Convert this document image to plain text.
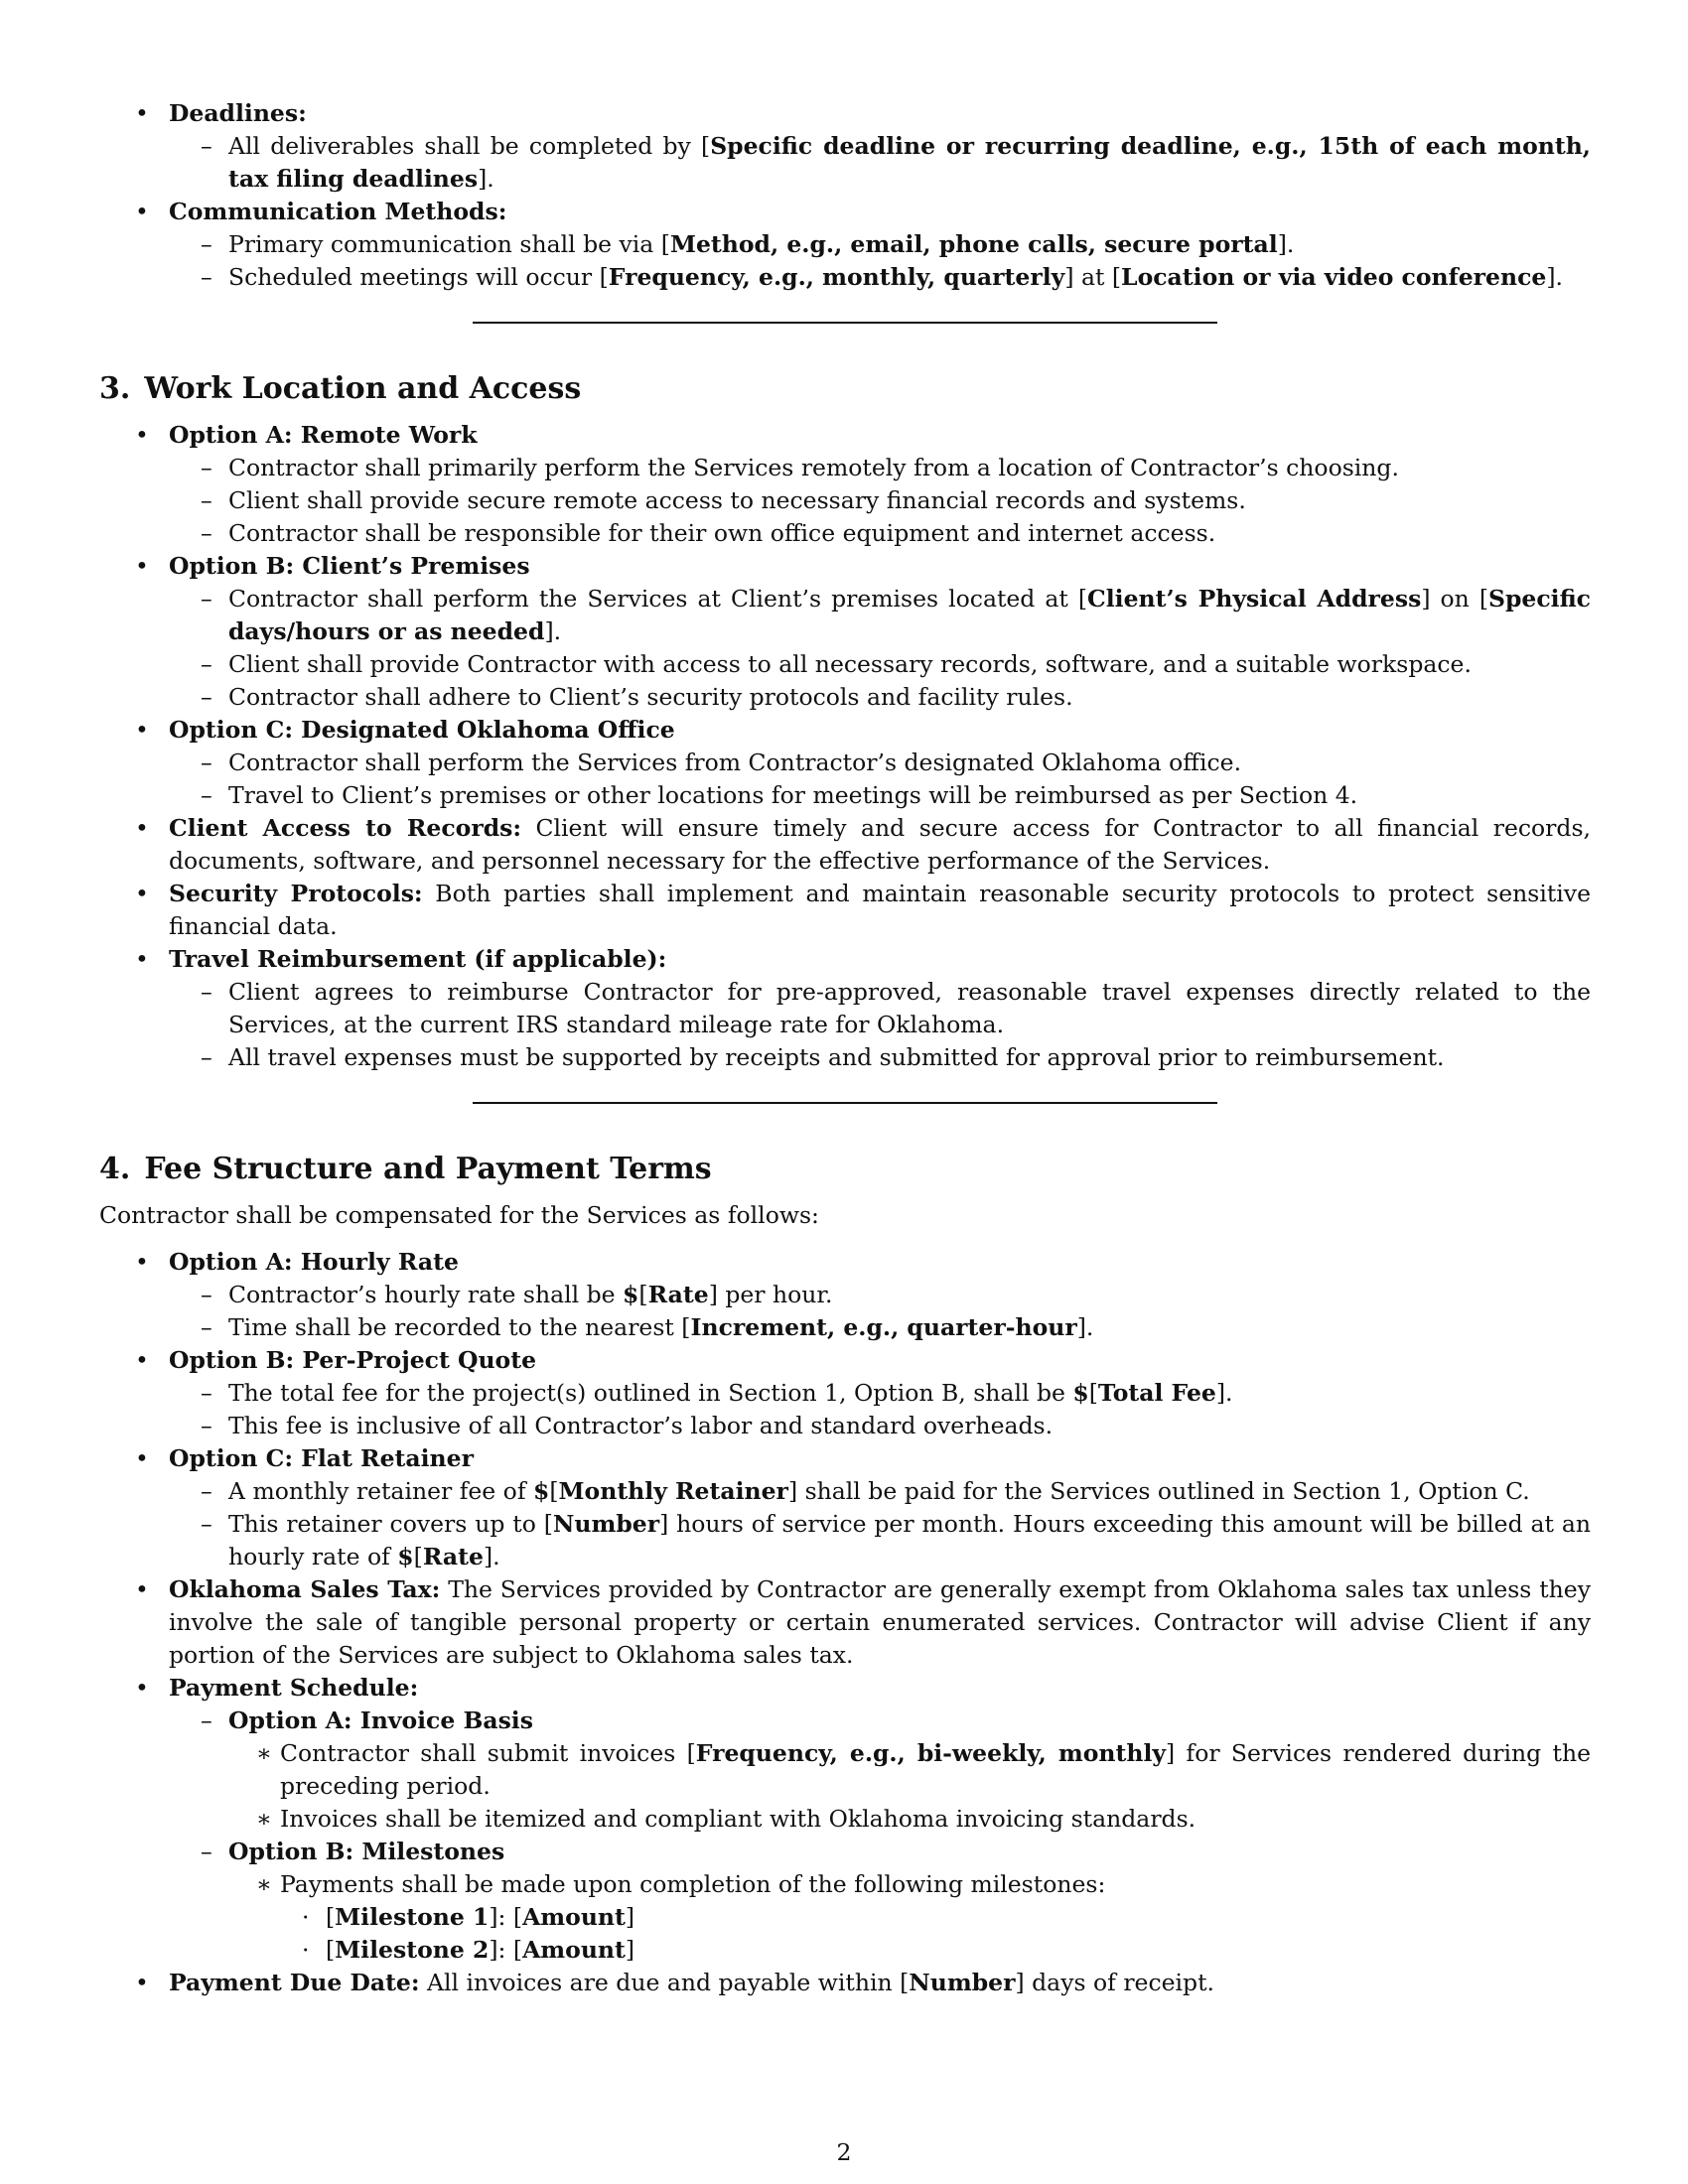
• Deadlines:
– All deliverables shall be completed by [Specific deadline or recurring deadline, e.g., 15th of each month, tax filing deadlines].
• Communication Methods:
– Primary communication shall be via [Method, e.g., email, phone calls, secure portal].
– Scheduled meetings will occur [Frequency, e.g., monthly, quarterly] at [Location or via video conference].
3. Work Location and Access
• Option A: Remote Work
– Contractor shall primarily perform the Services remotely from a location of Contractor’s choosing.
– Client shall provide secure remote access to necessary financial records and systems.
– Contractor shall be responsible for their own office equipment and internet access.
• Option B: Client’s Premises
– Contractor shall perform the Services at Client’s premises located at [Client’s Physical Address] on [Specific days/hours or as needed].
– Client shall provide Contractor with access to all necessary records, software, and a suitable workspace.
– Contractor shall adhere to Client’s security protocols and facility rules.
• Option C: Designated Oklahoma Office
– Contractor shall perform the Services from Contractor’s designated Oklahoma office.
– Travel to Client’s premises or other locations for meetings will be reimbursed as per Section 4.
• Client Access to Records: Client will ensure timely and secure access for Contractor to all financial records, documents, software, and personnel necessary for the effective performance of the Services.
• Security Protocols: Both parties shall implement and maintain reasonable security protocols to protect sensitive financial data.
• Travel Reimbursement (if applicable):
– Client agrees to reimburse Contractor for pre-approved, reasonable travel expenses directly related to the Services, at the current IRS standard mileage rate for Oklahoma.
– All travel expenses must be supported by receipts and submitted for approval prior to reimbursement.
4. Fee Structure and Payment Terms

Contractor shall be compensated for the Services as follows:

• Option A: Hourly Rate
– Contractor’s hourly rate shall be $[Rate] per hour.
– Time shall be recorded to the nearest [Increment, e.g., quarter-hour].
• Option B: Per-Project Quote
– The total fee for the project(s) outlined in Section 1, Option B, shall be $[Total Fee].
– This fee is inclusive of all Contractor’s labor and standard overheads.
• Option C: Flat Retainer
– A monthly retainer fee of $[Monthly Retainer] shall be paid for the Services outlined in Section 1, Option C.
– This retainer covers up to [Number] hours of service per month. Hours exceeding this amount will be billed at an hourly rate of $[Rate].
• Oklahoma Sales Tax: The Services provided by Contractor are generally exempt from Oklahoma sales tax unless they involve the sale of tangible personal property or certain enumerated services. Contractor will advise Client if any portion of the Services are subject to Oklahoma sales tax.
• Payment Schedule:
– Option A: Invoice Basis
∗ Contractor shall submit invoices [Frequency, e.g., bi-weekly, monthly] for Services rendered during the preceding period.
∗ Invoices shall be itemized and compliant with Oklahoma invoicing standards.
– Option B: Milestones
∗ Payments shall be made upon completion of the following milestones:
· [Milestone 1]: [Amount]
· [Milestone 2]: [Amount]
• Payment Due Date: All invoices are due and payable within [Number] days of receipt.
2
